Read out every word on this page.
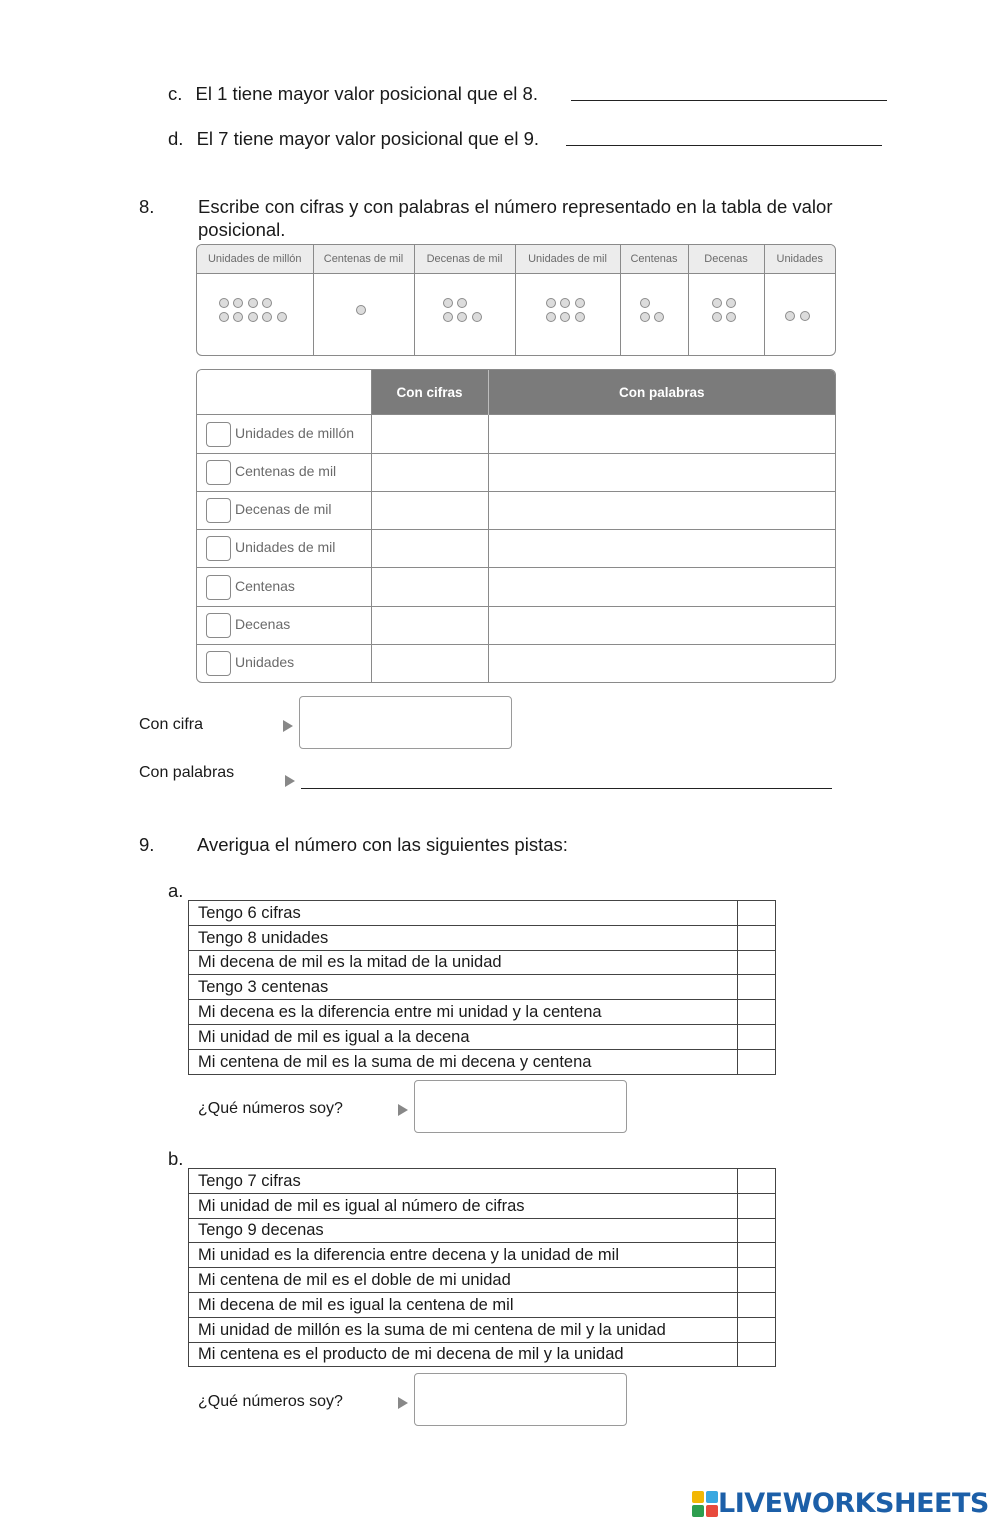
c. El 1 tiene mayor valor posicional que el 8.
d. El 7 tiene mayor valor posicional que el 9.
8. Escribe con cifras y con palabras el número representado en la tabla de valor posicional.
Unidades de millón	Centenas de mil	Decenas de mil	Unidades de mil	Centenas	Decenas	Unidades

	Con cifras	Con palabras
Unidades de millón		
Centenas de mil		
Decenas de mil		
Unidades de mil		
Centenas		
Decenas		
Unidades		
Con cifra
Con palabras
9. Averigua el número con las siguientes pistas:
a.
Tengo 6 cifras	
Tengo 8 unidades	
Mi decena de mil es la mitad de la unidad	
Tengo 3 centenas	
Mi decena es la diferencia entre mi unidad y la centena	
Mi unidad de mil es igual a la decena	
Mi centena de mil es la suma de mi decena y centena	
¿Qué números soy?
b.
Tengo 7 cifras	
Mi unidad de mil es igual al número de cifras	
Tengo 9 decenas	
Mi unidad es la diferencia entre decena y la unidad de mil	
Mi centena de mil es el doble de mi unidad	
Mi decena de mil es igual la centena de mil	
Mi unidad de millón es la suma de mi centena de mil y la unidad	
Mi centena es el producto de mi decena de mil y la unidad	
¿Qué números soy?
LIVEWORKSHEETS
